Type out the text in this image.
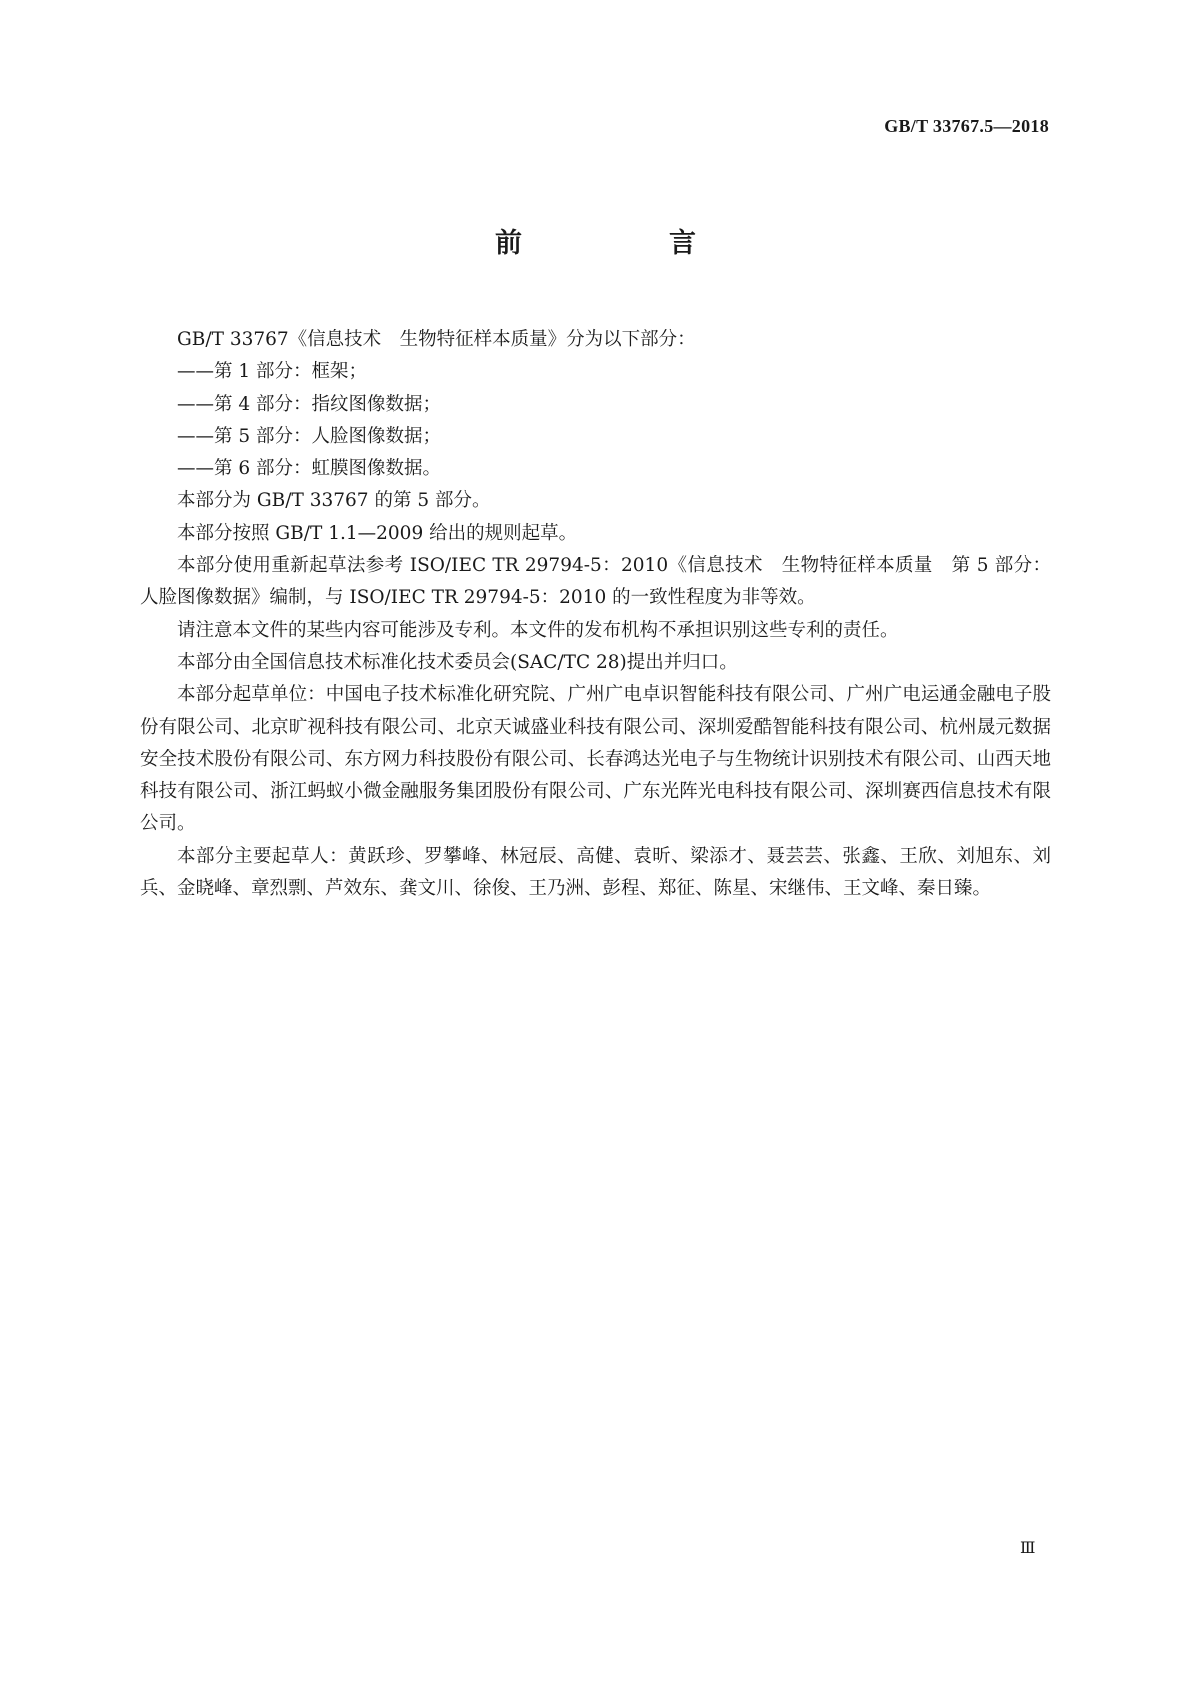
GB/T 33767.5—2018
前 言

GB/T 33767《信息技术 生物特征样本质量》分为以下部分：

——第 1 部分：框架；

——第 4 部分：指纹图像数据；

——第 5 部分：人脸图像数据；

——第 6 部分：虹膜图像数据。

本部分为 GB/T 33767 的第 5 部分。

本部分按照 GB/T 1.1—2009 给出的规则起草。

本部分使用重新起草法参考 ISO/IEC TR 29794-5：2010《信息技术 生物特征样本质量 第 5 部分：人脸图像数据》编制，与 ISO/IEC TR 29794-5：2010 的一致性程度为非等效。

请注意本文件的某些内容可能涉及专利。本文件的发布机构不承担识别这些专利的责任。

本部分由全国信息技术标准化技术委员会(SAC/TC 28)提出并归口。

本部分起草单位：中国电子技术标准化研究院、广州广电卓识智能科技有限公司、广州广电运通金融电子股份有限公司、北京旷视科技有限公司、北京天诚盛业科技有限公司、深圳爱酷智能科技有限公司、杭州晟元数据安全技术股份有限公司、东方网力科技股份有限公司、长春鸿达光电子与生物统计识别技术有限公司、山西天地科技有限公司、浙江蚂蚁小微金融服务集团股份有限公司、广东光阵光电科技有限公司、深圳赛西信息技术有限公司。

本部分主要起草人：黄跃珍、罗攀峰、林冠辰、高健、袁昕、梁添才、聂芸芸、张鑫、王欣、刘旭东、刘兵、金晓峰、章烈剽、芦效东、龚文川、徐俊、王乃洲、彭程、郑征、陈星、宋继伟、王文峰、秦日臻。

Ⅲ
